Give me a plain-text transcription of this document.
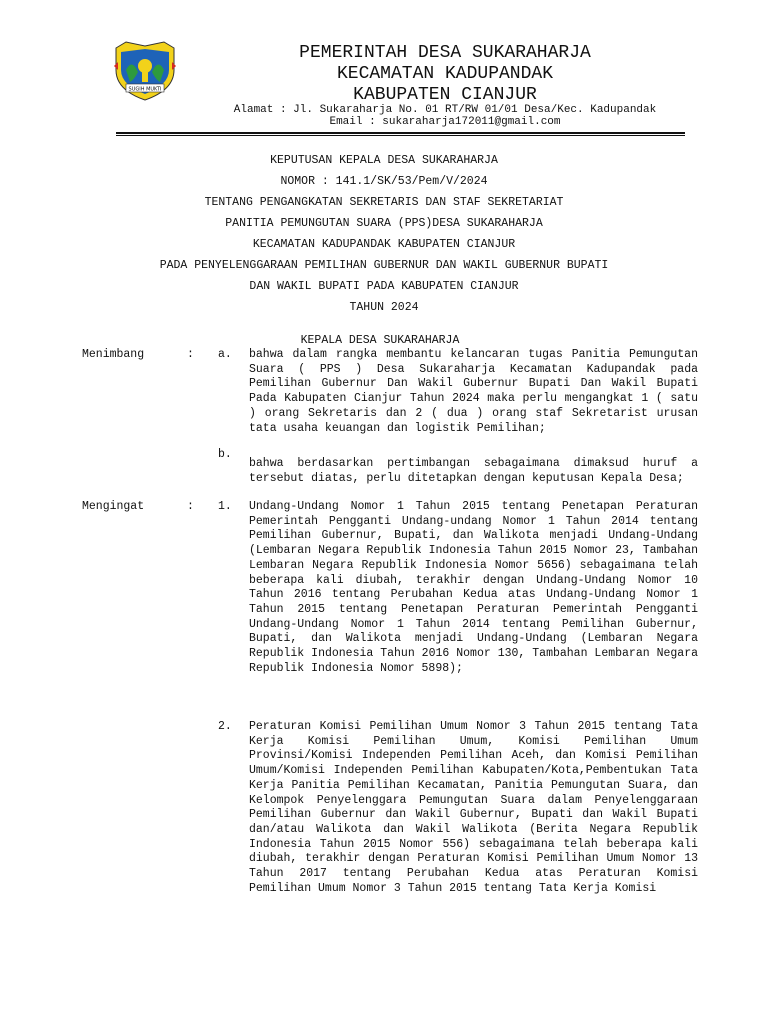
SUGIH MUKTI
PEMERINTAH DESA SUKARAHARJA
KECAMATAN KADUPANDAK
KABUPATEN CIANJUR
Alamat : Jl. Sukaraharja No. 01 RT/RW 01/01 Desa/Kec. Kadupandak
Email : sukaraharja172011@gmail.com
KEPUTUSAN KEPALA DESA SUKARAHARJA
NOMOR : 141.1/SK/53/Pem/V/2024
TENTANG PENGANGKATAN SEKRETARIS DAN STAF SEKRETARIAT
PANITIA PEMUNGUTAN SUARA (PPS)DESA SUKARAHARJA
KECAMATAN KADUPANDAK KABUPATEN CIANJUR
PADA PENYELENGGARAAN PEMILIHAN GUBERNUR DAN WAKIL GUBERNUR BUPATI
DAN WAKIL BUPATI PADA KABUPATEN CIANJUR
TAHUN 2024
KEPALA DESA SUKARAHARJA
Menimbang	: a. bahwa dalam rangka membantu kelancaran tugas Panitia Pemungutan Suara ( PPS ) Desa Sukaraharja Kecamatan Kadupandak pada Pemilihan Gubernur Dan Wakil Gubernur Bupati Dan Wakil Bupati Pada Kabupaten Cianjur Tahun 2024 maka perlu mengangkat 1 ( satu ) orang Sekretaris dan 2 ( dua ) orang staf Sekretarist urusan tata usaha keuangan dan logistik Pemilihan;
b.
bahwa berdasarkan pertimbangan sebagaimana dimaksud huruf a tersebut diatas, perlu ditetapkan dengan keputusan Kepala Desa;
Mengingat	: 1. Undang-Undang Nomor 1 Tahun 2015 tentang Penetapan Peraturan Pemerintah Pengganti Undang-undang Nomor 1 Tahun 2014 tentang Pemilihan Gubernur, Bupati, dan Walikota menjadi Undang-Undang (Lembaran Negara Republik Indonesia Tahun 2015 Nomor 23, Tambahan Lembaran Negara Republik Indonesia Nomor 5656) sebagaimana telah beberapa kali diubah, terakhir dengan Undang-Undang Nomor 10 Tahun 2016 tentang Perubahan Kedua atas Undang-Undang Nomor 1 Tahun 2015 tentang Penetapan Peraturan Pemerintah Pengganti Undang-Undang Nomor 1 Tahun 2014 tentang Pemilihan Gubernur, Bupati, dan Walikota menjadi Undang-Undang (Lembaran Negara Republik Indonesia Tahun 2016 Nomor 130, Tambahan Lembaran Negara Republik Indonesia Nomor 5898);
2. Peraturan Komisi Pemilihan Umum Nomor 3 Tahun 2015 tentang Tata Kerja Komisi Pemilihan Umum, Komisi Pemilihan Umum Provinsi/Komisi Independen Pemilihan Aceh, dan Komisi Pemilihan Umum/Komisi Independen Pemilihan Kabupaten/Kota,Pembentukan Tata Kerja Panitia Pemilihan Kecamatan, Panitia Pemungutan Suara, dan Kelompok Penyelenggara Pemungutan Suara dalam Penyelenggaraan Pemilihan Gubernur dan Wakil Gubernur, Bupati dan Wakil Bupati dan/atau Walikota dan Wakil Walikota (Berita Negara Republik Indonesia Tahun 2015 Nomor 556) sebagaimana telah beberapa kali diubah, terakhir dengan Peraturan Komisi Pemilihan Umum Nomor 13 Tahun 2017 tentang Perubahan Kedua atas Peraturan Komisi Pemilihan Umum Nomor 3 Tahun 2015 tentang Tata Kerja Komisi
